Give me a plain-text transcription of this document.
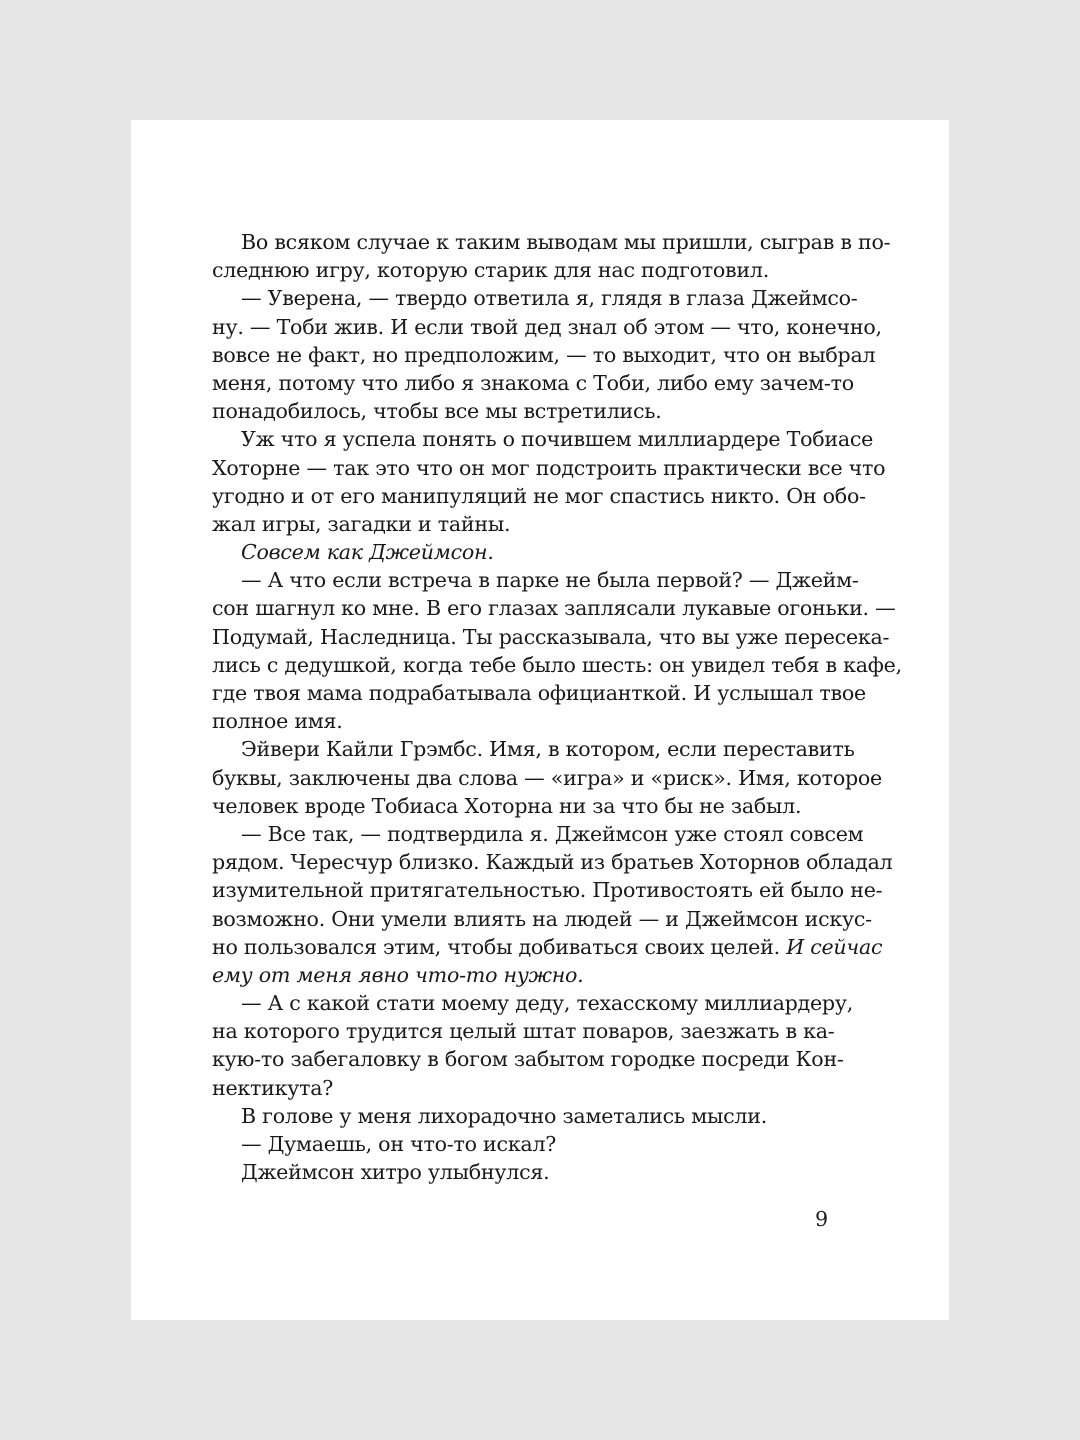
Во всяком случае к таким выводам мы пришли, сыграв в по-
следнюю игру, которую старик для нас подготовил.
— Уверена, — твердо ответила я, глядя в глаза Джеймсо-
ну. — Тоби жив. И если твой дед знал об этом — что, конечно,
вовсе не факт, но предположим, — то выходит, что он выбрал
меня, потому что либо я знакома с Тоби, либо ему зачем-то
понадобилось, чтобы все мы встретились.
Уж что я успела понять о почившем миллиардере Тобиасе
Хоторне — так это что он мог подстроить практически все что
угодно и от его манипуляций не мог спастись никто. Он обо-
жал игры, загадки и тайны.
Совсем как Джеймсон.
— А что если встреча в парке не была первой? — Джейм-
сон шагнул ко мне. В его глазах заплясали лукавые огоньки. —
Подумай, Наследница. Ты рассказывала, что вы уже пересека-
лись с дедушкой, когда тебе было шесть: он увидел тебя в кафе,
где твоя мама подрабатывала официанткой. И услышал твое
полное имя.
Эйвери Кайли Грэмбс. Имя, в котором, если переставить
буквы, заключены два слова — «игра» и «риск». Имя, которое
человек вроде Тобиаса Хоторна ни за что бы не забыл.
— Все так, — подтвердила я. Джеймсон уже стоял совсем
рядом. Чересчур близко. Каждый из братьев Хоторнов обладал
изумительной притягательностью. Противостоять ей было не-
возможно. Они умели влиять на людей — и Джеймсон искус-
но пользовался этим, чтобы добиваться своих целей. И сейчас
ему от меня явно что-то нужно.
— А с какой стати моему деду, техасскому миллиардеру,
на которого трудится целый штат поваров, заезжать в ка-
кую-то забегаловку в богом забытом городке посреди Кон-
нектикута?
В голове у меня лихорадочно заметались мысли.
— Думаешь, он что-то искал?
Джеймсон хитро улыбнулся.
9
